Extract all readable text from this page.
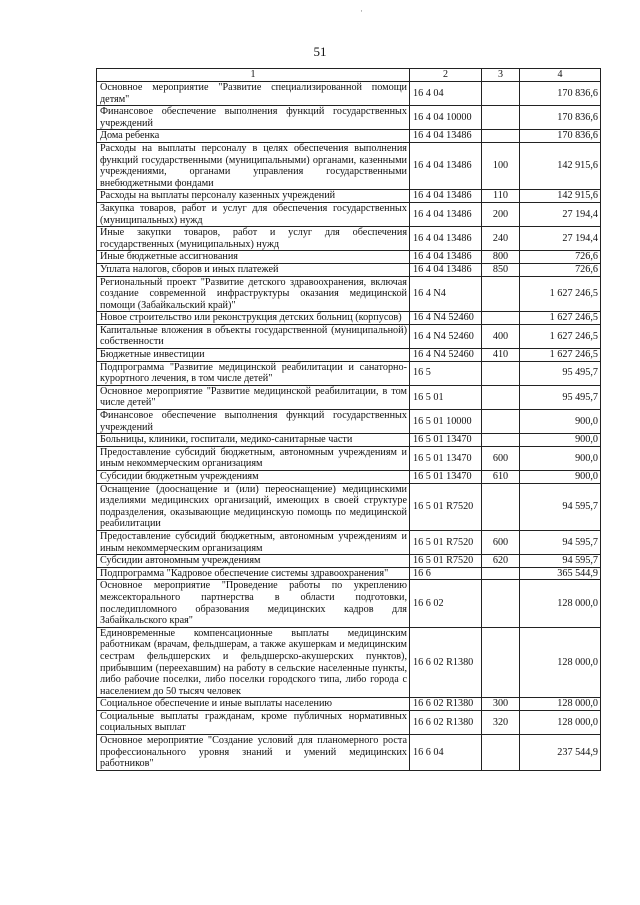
51
1	2	3	4
Основное мероприятие "Развитие специализированной помощи детям"	16 4 04		170 836,6
Финансовое обеспечение выполнения функций государственных учреждений	16 4 04 10000		170 836,6
Дома ребенка	16 4 04 13486		170 836,6
Расходы на выплаты персоналу в целях обеспечения выполнения функций государственными (муниципальными) органами, казенными учреждениями, органами управления государственными внебюджетными фондами	16 4 04 13486	100	142 915,6
Расходы на выплаты персоналу казенных учреждений	16 4 04 13486	110	142 915,6
Закупка товаров, работ и услуг для обеспечения государственных (муниципальных) нужд	16 4 04 13486	200	27 194,4
Иные закупки товаров, работ и услуг для обеспечения государственных (муниципальных) нужд	16 4 04 13486	240	27 194,4
Иные бюджетные ассигнования	16 4 04 13486	800	726,6
Уплата налогов, сборов и иных платежей	16 4 04 13486	850	726,6
Региональный проект "Развитие детского здравоохранения, включая создание современной инфраструктуры оказания медицинской помощи (Забайкальский край)"	16 4 N4		1 627 246,5
Новое строительство или реконструкция детских больниц (корпусов)	16 4 N4 52460		1 627 246,5
Капитальные вложения в объекты государственной (муниципальной) собственности	16 4 N4 52460	400	1 627 246,5
Бюджетные инвестиции	16 4 N4 52460	410	1 627 246,5
Подпрограмма "Развитие медицинской реабилитации и санаторно-курортного лечения, в том числе детей"	16 5		95 495,7
Основное мероприятие "Развитие медицинской реабилитации, в том числе детей"	16 5 01		95 495,7
Финансовое обеспечение выполнения функций государственных учреждений	16 5 01 10000		900,0
Больницы, клиники, госпитали, медико-санитарные части	16 5 01 13470		900,0
Предоставление субсидий бюджетным, автономным учреждениям и иным некоммерческим организациям	16 5 01 13470	600	900,0
Субсидии бюджетным учреждениям	16 5 01 13470	610	900,0
Оснащение (дооснащение и (или) переоснащение) медицинскими изделиями медицинских организаций, имеющих в своей структуре подразделения, оказывающие медицинскую помощь по медицинской реабилитации	16 5 01 R7520		94 595,7
Предоставление субсидий бюджетным, автономным учреждениям и иным некоммерческим организациям	16 5 01 R7520	600	94 595,7
Субсидии автономным учреждениям	16 5 01 R7520	620	94 595,7
Подпрограмма "Кадровое обеспечение системы здравоохранения"	16 6		365 544,9
Основное мероприятие "Проведение работы по укреплению межсекторального партнерства в области подготовки, последипломного образования медицинских кадров для Забайкальского края"	16 6 02		128 000,0
Единовременные компенсационные выплаты медицинским работникам (врачам, фельдшерам, а также акушеркам и медицинским сестрам фельдшерских и фельдшерско-акушерских пунктов), прибывшим (переехавшим) на работу в сельские населенные пункты, либо рабочие поселки, либо поселки городского типа, либо города с населением до 50 тысяч человек	16 6 02 R1380		128 000,0
Социальное обеспечение и иные выплаты населению	16 6 02 R1380	300	128 000,0
Социальные выплаты гражданам, кроме публичных нормативных социальных выплат	16 6 02 R1380	320	128 000,0
Основное мероприятие "Создание условий для планомерного роста профессионального уровня знаний и умений медицинских работников"	16 6 04		237 544,9
·
